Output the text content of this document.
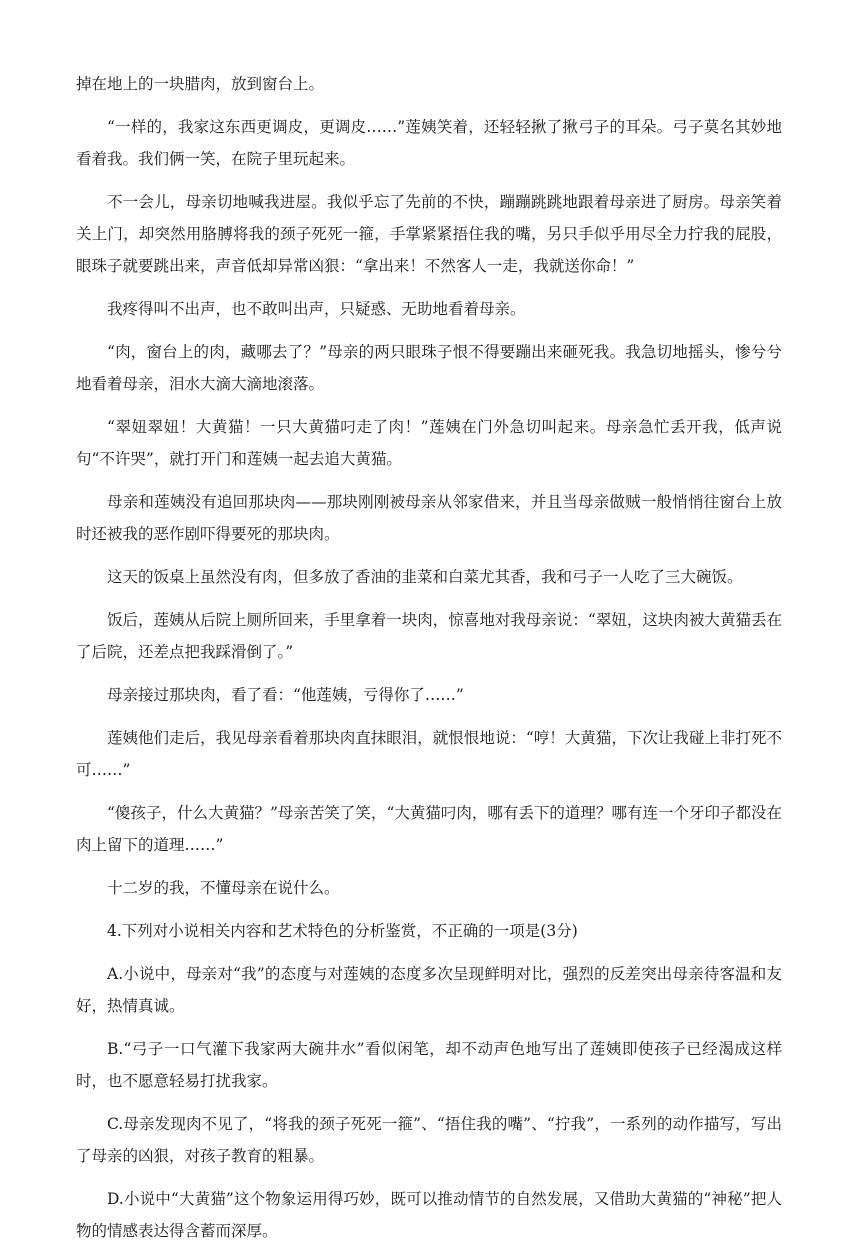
掉在地上的一块腊肉，放到窗台上。

“一样的，我家这东西更调皮，更调皮……”莲姨笑着，还轻轻揪了揪弓子的耳朵。弓子莫名其妙地看着我。我们俩一笑，在院子里玩起来。

不一会儿，母亲切地喊我进屋。我似乎忘了先前的不快，蹦蹦跳跳地跟着母亲进了厨房。母亲笑着关上门，却突然用胳膊将我的颈子死死一箍，手掌紧紧捂住我的嘴，另只手似乎用尽全力拧我的屁股，眼珠子就要跳出来，声音低却异常凶狠：“拿出来！不然客人一走，我就送你命！”

我疼得叫不出声，也不敢叫出声，只疑惑、无助地看着母亲。

“肉，窗台上的肉，藏哪去了？”母亲的两只眼珠子恨不得要蹦出来砸死我。我急切地摇头，惨兮兮地看着母亲，泪水大滴大滴地滚落。

“翠妞翠妞！大黄猫！一只大黄猫叼走了肉！”莲姨在门外急切叫起来。母亲急忙丢开我，低声说句“不许哭”，就打开门和莲姨一起去追大黄猫。

母亲和莲姨没有追回那块肉——那块刚刚被母亲从邻家借来，并且当母亲做贼一般悄悄往窗台上放时还被我的恶作剧吓得要死的那块肉。

这天的饭桌上虽然没有肉，但多放了香油的韭菜和白菜尤其香，我和弓子一人吃了三大碗饭。

饭后，莲姨从后院上厕所回来，手里拿着一块肉，惊喜地对我母亲说：“翠妞，这块肉被大黄猫丢在了后院，还差点把我踩滑倒了。”

母亲接过那块肉，看了看：“他莲姨，亏得你了……”

莲姨他们走后，我见母亲看着那块肉直抹眼泪，就恨恨地说：“哼！大黄猫，下次让我碰上非打死不可……”

“傻孩子，什么大黄猫？”母亲苦笑了笑，“大黄猫叼肉，哪有丢下的道理？哪有连一个牙印子都没在肉上留下的道理……”

十二岁的我，不懂母亲在说什么。

4.下列对小说相关内容和艺术特色的分析鉴赏，不正确的一项是(3分)

A.小说中，母亲对“我”的态度与对莲姨的态度多次呈现鲜明对比，强烈的反差突出母亲待客温和友好，热情真诚。

B.“弓子一口气灌下我家两大碗井水”看似闲笔，却不动声色地写出了莲姨即使孩子已经渴成这样时，也不愿意轻易打扰我家。

C.母亲发现肉不见了，“将我的颈子死死一箍”、“捂住我的嘴”、“拧我”，一系列的动作描写，写出了母亲的凶狠，对孩子教育的粗暴。

D.小说中“大黄猫”这个物象运用得巧妙，既可以推动情节的自然发展，又借助大黄猫的“神秘”把人物的情感表达得含蓄而深厚。
